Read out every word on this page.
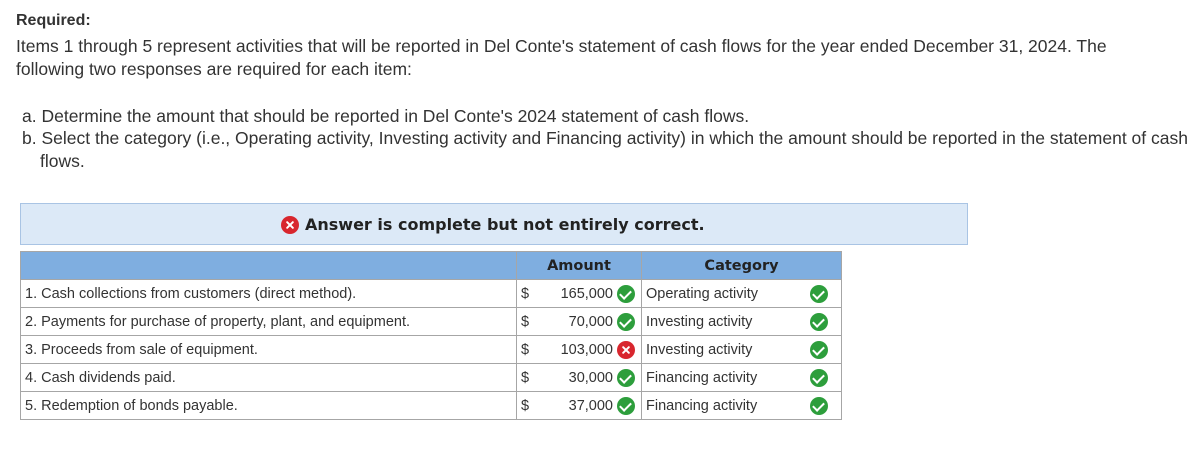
Required:
Items 1 through 5 represent activities that will be reported in Del Conte's statement of cash flows for the year ended December 31, 2024. The following two responses are required for each item:
a. Determine the amount that should be reported in Del Conte's 2024 statement of cash flows.
b. Select the category (i.e., Operating activity, Investing activity and Financing activity) in which the amount should be reported in the statement of cash flows.
Answer is complete but not entirely correct.
	Amount	Category
1. Cash collections from customers (direct method).	$ 165,000	Operating activity

2. Payments for purchase of property, plant, and equipment.	$ 70,000	Investing activity

3. Proceeds from sale of equipment.	$ 103,000	Investing activity

4. Cash dividends paid.	$ 30,000	Financing activity

5. Redemption of bonds payable.	$ 37,000	Financing activity
